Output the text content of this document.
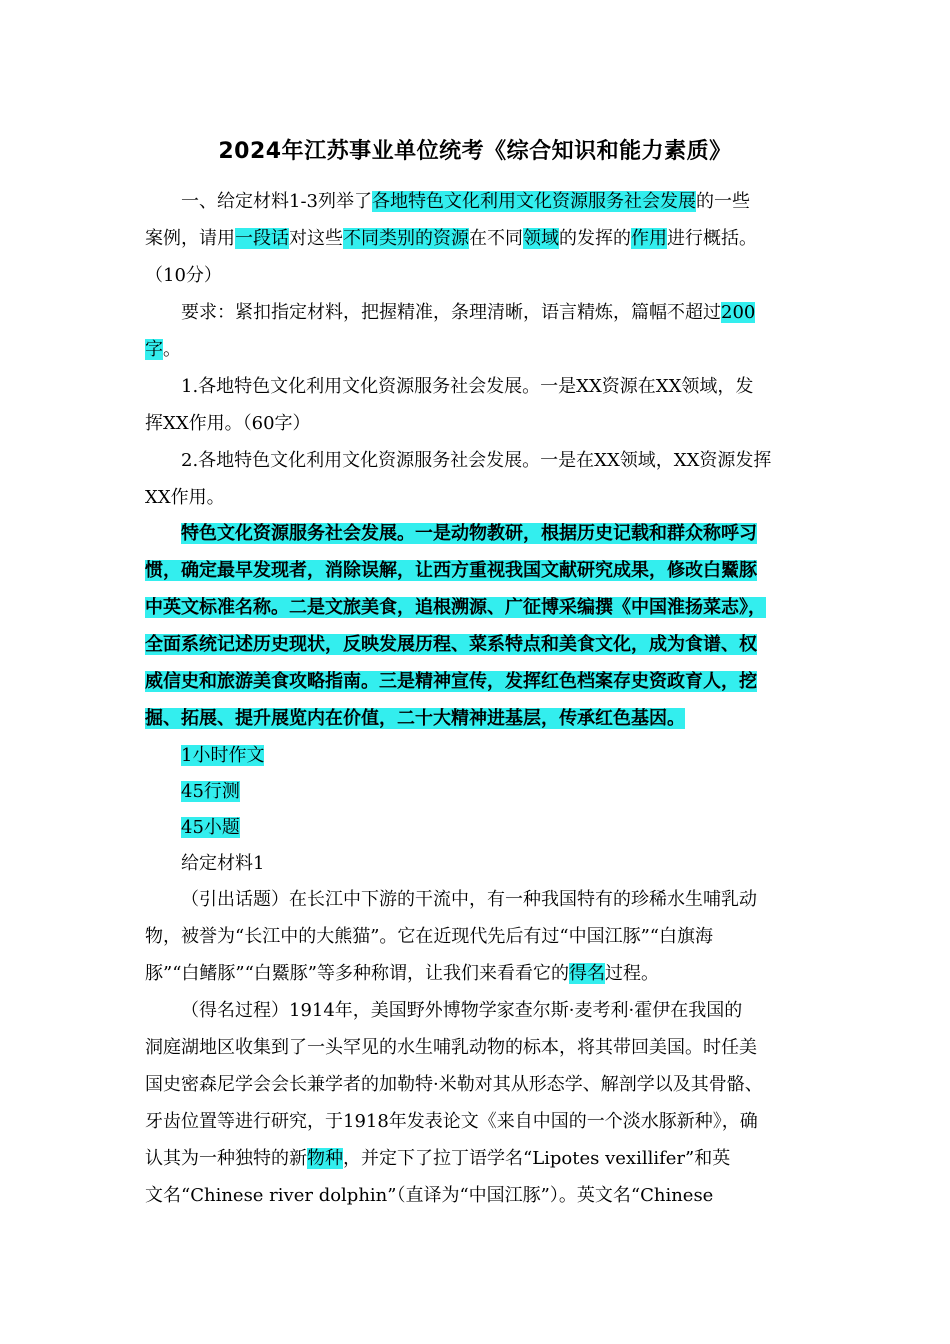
2024年江苏事业单位统考《综合知识和能力素质》
一、给定材料1-3列举了各地特色文化利用文化资源服务社会发展的一些
案例，请用一段话对这些不同类别的资源在不同领域的发挥的作用进行概括。
（10分）
要求：紧扣指定材料，把握精准，条理清晰，语言精炼，篇幅不超过200
字。
1.各地特色文化利用文化资源服务社会发展。一是XX资源在XX领域，发
挥XX作用。（60字）
2.各地特色文化利用文化资源服务社会发展。一是在XX领域，XX资源发挥
XX作用。
特色文化资源服务社会发展。一是动物教研，根据历史记载和群众称呼习
惯，确定最早发现者，消除误解，让西方重视我国文献研究成果，修改白鱀豚
中英文标准名称。二是文旅美食，追根溯源、广征博采编撰《中国淮扬菜志》，
全面系统记述历史现状，反映发展历程、菜系特点和美食文化，成为食谱、权
威信史和旅游美食攻略指南。三是精神宣传，发挥红色档案存史资政育人，挖
掘、拓展、提升展览内在价值，二十大精神进基层，传承红色基因。
1小时作文
45行测
45小题
给定材料1
（引出话题）在长江中下游的干流中，有一种我国特有的珍稀水生哺乳动
物，被誉为“长江中的大熊猫”。它在近现代先后有过“中国江豚”“白旗海
豚”“白鳍豚”“白鱀豚”等多种称谓，让我们来看看它的得名过程。
（得名过程）1914年，美国野外博物学家查尔斯·麦考利·霍伊在我国的
洞庭湖地区收集到了一头罕见的水生哺乳动物的标本，将其带回美国。时任美
国史密森尼学会会长兼学者的加勒特·米勒对其从形态学、解剖学以及其骨骼、
牙齿位置等进行研究，于1918年发表论文《来自中国的一个淡水豚新种》，确
认其为一种独特的新物种，并定下了拉丁语学名“Lipotes vexillifer”和英
文名“Chinese river dolphin”（直译为“中国江豚”）。英文名“Chinese
